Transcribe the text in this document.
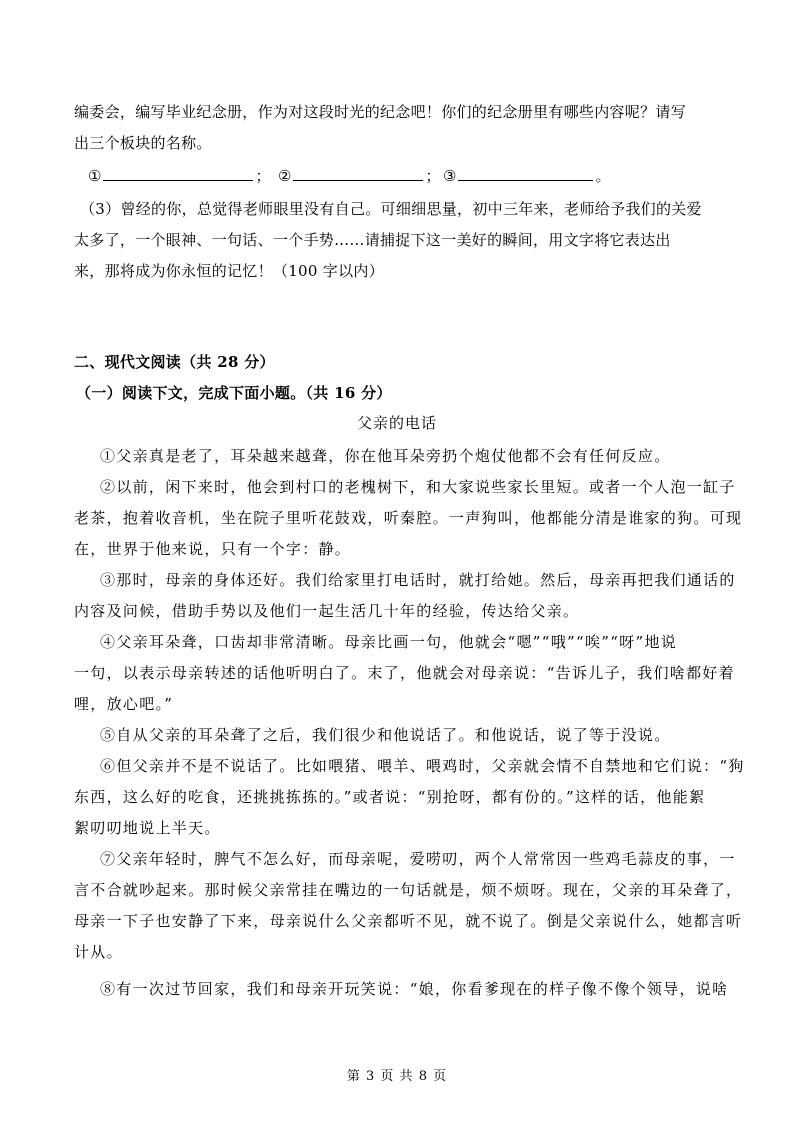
编委会，编写毕业纪念册，作为对这段时光的纪念吧！你们的纪念册里有哪些内容呢？请写
出三个板块的名称。
①	； ②	； ③	。
（3）曾经的你，总觉得老师眼里没有自己。可细细思量，初中三年来，老师给予我们的关爱
太多了，一个眼神、一句话、一个手势……请捕捉下这一美好的瞬间，用文字将它表达出
来，那将成为你永恒的记忆！（100 字以内）
二、现代文阅读（共 28 分）
（一）阅读下文，完成下面小题。（共 16 分）
父亲的电话
①父亲真是老了，耳朵越来越聋，你在他耳朵旁扔个炮仗他都不会有任何反应。
②以前，闲下来时，他会到村口的老槐树下，和大家说些家长里短。或者一个人泡一缸子
老茶，抱着收音机，坐在院子里听花鼓戏，听秦腔。一声狗叫，他都能分清是谁家的狗。可现
在，世界于他来说，只有一个字：静。
③那时，母亲的身体还好。我们给家里打电话时，就打给她。然后，母亲再把我们通话的
内容及问候，借助手势以及他们一起生活几十年的经验，传达给父亲。
④父亲耳朵聋，口齿却非常清晰。母亲比画一句，他就会“嗯”“哦”“唉”“呀”地说
一句，以表示母亲转述的话他听明白了。末了，他就会对母亲说：“告诉儿子，我们啥都好着
哩，放心吧。”
⑤自从父亲的耳朵聋了之后，我们很少和他说话了。和他说话，说了等于没说。
⑥但父亲并不是不说话了。比如喂猪、喂羊、喂鸡时，父亲就会情不自禁地和它们说：“狗
东西，这么好的吃食，还挑挑拣拣的。”或者说：“别抢呀，都有份的。”这样的话，他能絮
絮叨叨地说上半天。
⑦父亲年轻时，脾气不怎么好，而母亲呢，爱唠叨，两个人常常因一些鸡毛蒜皮的事，一
言不合就吵起来。那时候父亲常挂在嘴边的一句话就是，烦不烦呀。现在，父亲的耳朵聋了，
母亲一下子也安静了下来，母亲说什么父亲都听不见，就不说了。倒是父亲说什么，她都言听
计从。
⑧有一次过节回家，我们和母亲开玩笑说：“娘，你看爹现在的样子像不像个领导，说啥
第 3 页 共 8 页
